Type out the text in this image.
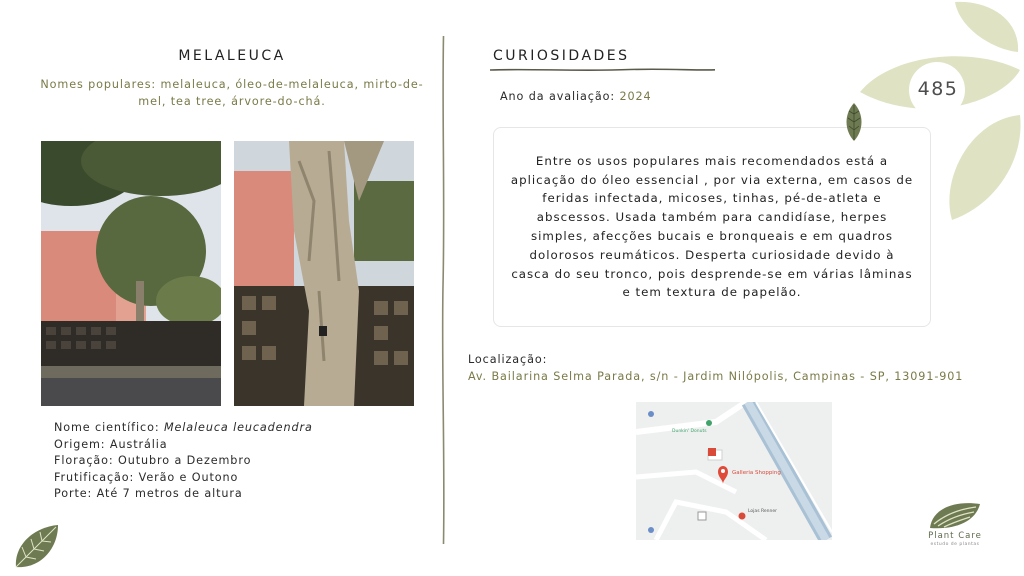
MELALEUCA
Nomes populares: melaleuca, óleo-de-melaleuca, mirto-de-mel, tea tree, árvore-do-chá.
Nome científico: Melaleuca leucadendra
Origem: Austrália
Floração: Outubro a Dezembro
Frutificação: Verão e Outono
Porte: Até 7 metros de altura
CURIOSIDADES
Ano da avaliação: 2024

Entre os usos populares mais recomendados está a aplicação do óleo essencial , por via externa, em casos de feridas infectada, micoses, tinhas, pé-de-atleta e abscessos. Usada também para candidíase, herpes simples, afecções bucais e bronqueais e em quadros dolorosos reumáticos. Desperta curiosidade devido à casca do seu tronco, pois desprende-se em várias lâminas e tem textura de papelão.

Localização:
Av. Bailarina Selma Parada, s/n - Jardim Nilópolis, Campinas - SP, 13091-901
Galleria Shopping
Lojas Renner
Dunkin' Donuts
485
Plant Care
estudo de plantas
